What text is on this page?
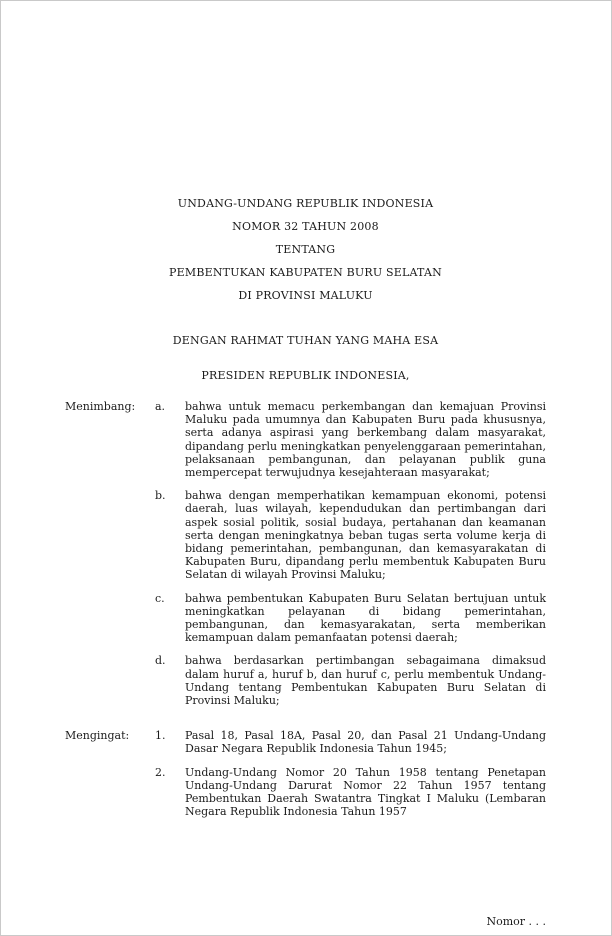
UNDANG-UNDANG REPUBLIK INDONESIA
NOMOR 32 TAHUN 2008
TENTANG
PEMBENTUKAN KABUPATEN BURU SELATAN
DI PROVINSI MALUKU
DENGAN RAHMAT TUHAN YANG MAHA ESA
PRESIDEN REPUBLIK INDONESIA,
Menimbang:	a.	bahwa untuk memacu perkembangan dan kemajuan Provinsi Maluku pada umumnya dan Kabupaten Buru pada khususnya, serta adanya aspirasi yang berkembang dalam masyarakat, dipandang perlu meningkatkan penyelenggaraan pemerintahan, pelaksanaan pembangunan, dan pelayanan publik guna mempercepat terwujudnya kesejahteraan masyarakat;
b.	bahwa dengan memperhatikan kemampuan ekonomi, potensi daerah, luas wilayah, kependudukan dan pertimbangan dari aspek sosial politik, sosial budaya, pertahanan dan keamanan serta dengan meningkatnya beban tugas serta volume kerja di bidang pemerintahan, pembangunan, dan kemasyarakatan di Kabupaten Buru, dipandang perlu membentuk Kabupaten Buru Selatan di wilayah Provinsi Maluku;
c.	bahwa pembentukan Kabupaten Buru Selatan bertujuan untuk meningkatkan pelayanan di bidang pemerintahan, pembangunan, dan kemasyarakatan, serta memberikan kemampuan dalam pemanfaatan potensi daerah;
d.	bahwa berdasarkan pertimbangan sebagaimana dimaksud dalam huruf a, huruf b, dan huruf c, perlu membentuk Undang-Undang tentang Pembentukan Kabupaten Buru Selatan di Provinsi Maluku;
Mengingat:	1.	Pasal 18, Pasal 18A, Pasal 20, dan Pasal 21 Undang-Undang Dasar Negara Republik Indonesia Tahun 1945;
2.	Undang-Undang Nomor 20 Tahun 1958 tentang Penetapan Undang-Undang Darurat Nomor 22 Tahun 1957 tentang Pembentukan Daerah Swatantra Tingkat I Maluku (Lembaran Negara Republik Indonesia Tahun 1957
Nomor . . .
